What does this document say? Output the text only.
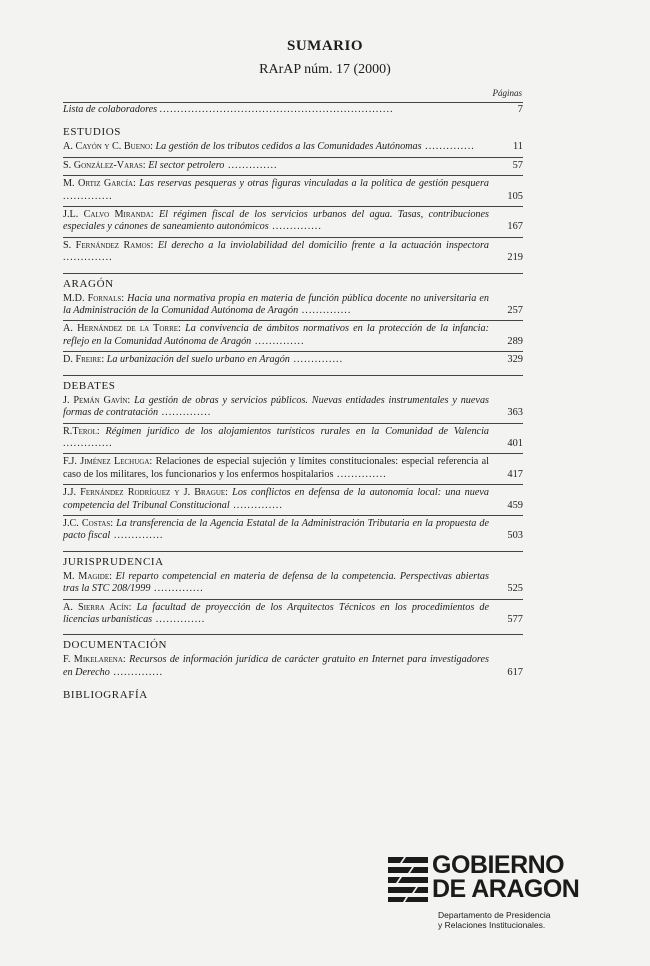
SUMARIO
RArAP núm. 17 (2000)
Páginas
Lista de colaboradores ..................................................................	7
ESTUDIOS
A. Cayón y C. Bueno: La gestión de los tributos cedidos a las Comunidades Autónomas ..............	11
S. González-Varas: El sector petrolero ..............	57
M. Ortiz García: Las reservas pesqueras y otras figuras vinculadas a la política de gestión pesquera ..............	105
J.L. Calvo Miranda: El régimen fiscal de los servicios urbanos del agua. Tasas, contribuciones especiales y cánones de saneamiento autonómicos ..............	167
S. Fernández Ramos: El derecho a la inviolabilidad del domicilio frente a la actuación inspectora ..............	219
ARAGÓN
M.D. Fornals: Hacia una normativa propia en materia de función pública docente no universitaria en la Administración de la Comunidad Autónoma de Aragón ..............	257
A. Hernández de la Torre: La convivencia de ámbitos normativos en la protección de la infancia: reflejo en la Comunidad Autónoma de Aragón ..............	289
D. Freire: La urbanización del suelo urbano en Aragón ..............	329
DEBATES
J. Pemán Gavín: La gestión de obras y servicios públicos. Nuevas entidades instrumentales y nuevas formas de contratación ..............	363
R.Terol: Régimen jurídico de los alojamientos turísticos rurales en la Comunidad de Valencia ..............	401
F.J. Jiménez Lechuga: Relaciones de especial sujeción y límites constitucionales: especial referencia al caso de los militares, los funcionarios y los enfermos hospitalarios ..............	417
J.J. Fernández Rodríguez y J. Brague: Los conflictos en defensa de la autonomía local: una nueva competencia del Tribunal Constitucional ..............	459
J.C. Costas: La transferencia de la Agencia Estatal de la Administración Tributaria en la propuesta de pacto fiscal ..............	503
JURISPRUDENCIA
M. Magide: El reparto competencial en materia de defensa de la competencia. Perspectivas abiertas tras la STC 208/1999 ..............	525
A. Sierra Acín: La facultad de proyección de los Arquitectos Técnicos en los procedimientos de licencias urbanísticas ..............	577
DOCUMENTACIÓN
F. Mikelarena: Recursos de información jurídica de carácter gratuito en Internet para investigadores en Derecho ..............	617
BIBLIOGRAFÍA
GOBIERNO
DE ARAGON
Departamento de Presidencia
y Relaciones Institucionales.
